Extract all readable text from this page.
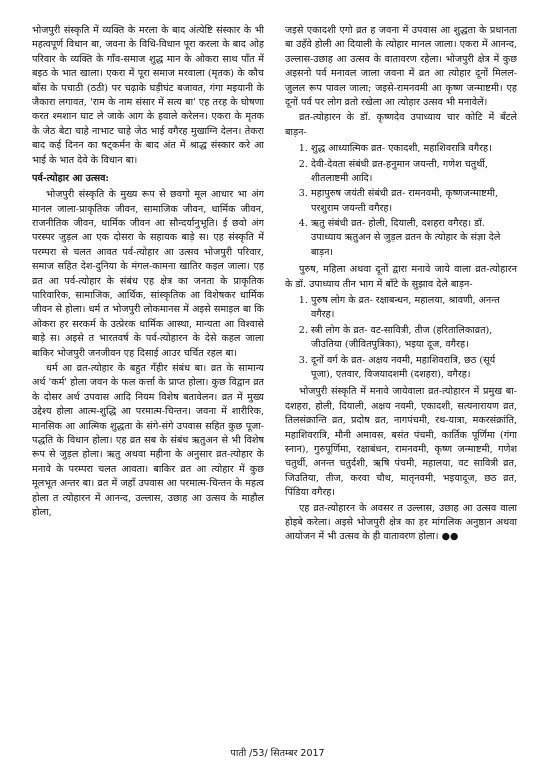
भोजपुरी संस्कृति में व्यक्ति के मरला के बाद अंत्येष्टि संस्कार के भी महत्वपूर्ण विधान बा, जवना के विधि-विधान पूरा करला के बाद ओह परिवार के व्यक्ति के गाँव-समाज शुद्ध मान के ओकरा साथ पाँत में बइठ के भात खाला। एकरा में पूरा समाज मरवाला (मृतक) के कौच बाँस के पचाठी (ठठी) पर चढ़ाके घड़ीघंट बजावत, गंगा मइयानी के जैकारा लगावत, 'राम के नाम संसार में सत्य बा' एह तरह के घोषणा करत श्मशान घाट ले जाके आग के हवाले करेलन। एकरा के मृतक के जेठ बेटा चाहे नाभाट चाहे जेठ भाई वगैरह मुखाग्नि देलन। तेकरा बाद कई दिनन का षट्कर्मन के बाद अंत में श्राद्ध संस्कार करे आ भाई के भात देवे के विधान बा।

पर्व-त्योहार आ उत्सव:

भोजपुरी संस्कृति के मुख्य रूप से छवगो मूल आधार भा अंग मानल जाला-प्राकृतिक जीवन, सामाजिक जीवन, धार्मिक जीवन, राजनीतिक जीवन, धार्मिक जीवन आ सौन्दर्यानुभूति। ई छवो अंग परस्पर जुड़ल आ एक दोसरा के सहायक बाड़े स। एह संस्कृति में परम्परा से चलत आवत पर्व-त्योहार आ उत्सव भोजपुरी परिवार, समाज सहित देश-दुनिया के मंगल-कामना खातिर कइल जाला। एह व्रत आ पर्व-त्योहार के संबंध एह क्षेत्र का जनता के प्राकृतिक पारिवारिक, सामाजिक, आर्थिक, सांस्कृतिक आ विशेषकर धार्मिक जीवन से होला। धर्म त भोजपुरी लोकमानस में अइसे समाइल बा कि ओकरा हर सरकर्म के उत्प्रेरक धार्मिक आस्था, मान्यता आ विश्वासे बाड़े स। अइसे त भारतवर्ष के पर्व-त्योहारन के देसे कहल जाला बाकिर भोजपुरी जनजीवन एह दिसाई आउर चर्चित रहल बा।

धर्म आ व्रत-त्योहार के बहुत गँहीर संबंध बा। व्रत के सामान्य अर्थ 'कर्म' होला जवन के फल कर्त्ता के प्राप्त होला। कुछ विद्वान व्रत के दोसर अर्थ उपवास आदि नियम विशेष बतावेलन। व्रत में मुख्य उद्देश्य होला आत्म-शुद्धि आ परमात्म-चिन्तन। जवना में शारीरिक, मानसिक आ आत्मिक शुद्धता के संगे-संगे उपवास सहित कुछ पूजा-पद्धति के विधान होला। एह व्रत सब के संबंध ऋतुअन से भी विशेष रूप से जुड़ल होला। ऋतु अथवा महीना के अनुसार व्रत-त्योहार के मनावे के परम्परा चलत आवता। बाकिर व्रत आ त्योहार में कुछ मूलभूत अन्तर बा। व्रत में जहाँ उपवास आ परमात्म-चिन्तन के महत्व होला त त्योहारन में आनन्द, उल्लास, उछाह आ उत्सव के माहौल होला,

जइसे एकादशी एगो व्रत ह जवना में उपवास आ शुद्धता के प्रधानता बा उहँवे होली आ दियाली के त्योहार मानल जाला। एकरा में आनन्द, उल्लास-उछाह आ उत्सव के वातावरण रहेला। भोजपुरी क्षेत्र में कुछ अइसनो पर्व मनावल जाला जवना में व्रत आ त्योहार दूनों मिलल-जुलल रूप पावल जाला; जइसे-रामनवमी आ कृष्ण जन्माष्टमी। एह दूनों पर्व पर लोग व्रतो रखेला आ त्योहार उत्सव भी मनावेलें।

व्रत-त्योहारन के डॉ. कृष्णदेव उपाध्याय चार कोटि में बँटले बाड़न-

1. शुद्ध आध्यात्मिक व्रत- एकादशी, महाशिवरात्रि वगैरह।
2. देवी-देवता संबंधी व्रत-हनुमान जयन्ती, गणेश चतुर्थी, शीतलाष्टमी आदि।
3. महापुरुष जयंती संबंधी व्रत- रामनवमी, कृष्णजन्माष्टमी, परशुराम जयन्ती वगैरह।
4. ऋतु संबंधी व्रत- होली, दियाली, दशहरा वगैरह। डॉ. उपाध्याय ऋतुअन से जुड़ल व्रतन के त्योहार के संज्ञा देले बाड़न।

पुरुष, महिला अथवा दूनों द्वारा मनावे जाये वाला व्रत-त्योहारन के डॉ. उपाध्याय तीन भाग में बाँटे के सुझाव देले बाड़न-

1. पुरुष लोग के व्रत- रक्षाबन्धन, महालया, श्रावणी, अनन्त वगैरह।
2. स्त्री लोग के व्रत- वट-सावित्री, तीज (हरितालिकाव्रत), जीउतिया (जीवितपुत्रिका), भइया दूज, वगैरह।
3. दूनों वर्ग के व्रत- अक्षय नवमी, महाशिवरात्रि, छठ (सूर्य पूजा), एतवार, विजयादशमी (दशहरा), वगैरह।

भोजपुरी संस्कृति में मनावे जायेवाला व्रत-त्योहारन में प्रमुख बा- दशहरा, होली, दियाली, अक्षय नवमी, एकादशी, सत्यनारायण व्रत, तिलसंक्रान्ति व्रत, प्रदोष व्रत, नागपंचमी, रथ-यात्रा, मकरसंक्रांति, महाशिवरात्रि, मौनी अमावस, बसंत पंचमी, कार्तिक पूर्णिमा (गंगा स्नान), गुरुपूर्णिमा, रक्षाबंधन, रामनवमी, कृष्ण जन्माष्टमी, गणेश चतुर्थी, अनन्त चतुर्दशी, ऋषि पंचमी, महालया, वट सावित्री व्रत, जिउतिया, तीज, करवा चौथ, मातृनवमी, भइयादूज, छठ व्रत, पिंडिया वगैरह।

एह व्रत-त्योहारन के अवसर त उल्लास, उछाह आ उत्सव वाला होइबे करेला। अइसे भोजपुरी क्षेत्र का हर मांगलिक अनुष्ठान अथवा आयोजन में भी उत्सव के ही वातावरण होला। ●●

पाती /53/ सितम्बर 2017
